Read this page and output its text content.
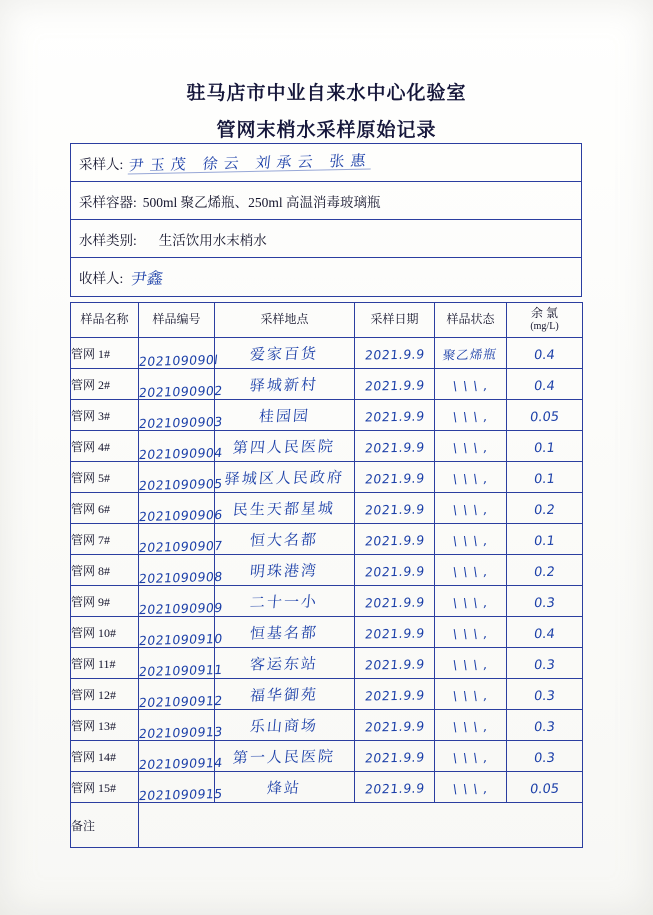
驻马店市中业自来水中心化验室
管网末梢水采样原始记录
采样人: 尹玉茂 徐云 刘承云 张惠
采样容器: 500ml 聚乙烯瓶、250ml 高温消毒玻璃瓶
水样类别: 生活饮用水末梢水
收样人: 尹鑫
样品名称	样品编号	采样地点	采样日期	样品状态	余 氯
(mg/L)

管网 1#	202109090l	爱家百货	2021.9.9	聚乙烯瓶	0.4
管网 2#	2021090902	驿城新村	2021.9.9	\ \ \ ,	0.4
管网 3#	2021090903	桂园园	2021.9.9	\ \ \ ,	0.05
管网 4#	2021090904	第四人民医院	2021.9.9	\ \ \ ,	0.1
管网 5#	2021090905	驿城区人民政府	2021.9.9	\ \ \ ,	0.1
管网 6#	2021090906	民生天都星城	2021.9.9	\ \ \ ,	0.2
管网 7#	2021090907	恒大名都	2021.9.9	\ \ \ ,	0.1
管网 8#	2021090908	明珠港湾	2021.9.9	\ \ \ ,	0.2
管网 9#	2021090909	二十一小	2021.9.9	\ \ \ ,	0.3
管网 10#	2021090910	恒基名都	2021.9.9	\ \ \ ,	0.4
管网 11#	2021090911	客运东站	2021.9.9	\ \ \ ,	0.3
管网 12#	2021090912	福华御苑	2021.9.9	\ \ \ ,	0.3
管网 13#	2021090913	乐山商场	2021.9.9	\ \ \ ,	0.3
管网 14#	2021090914	第一人民医院	2021.9.9	\ \ \ ,	0.3
管网 15#	2021090915	烽站	2021.9.9	\ \ \ ,	0.05
备注					
